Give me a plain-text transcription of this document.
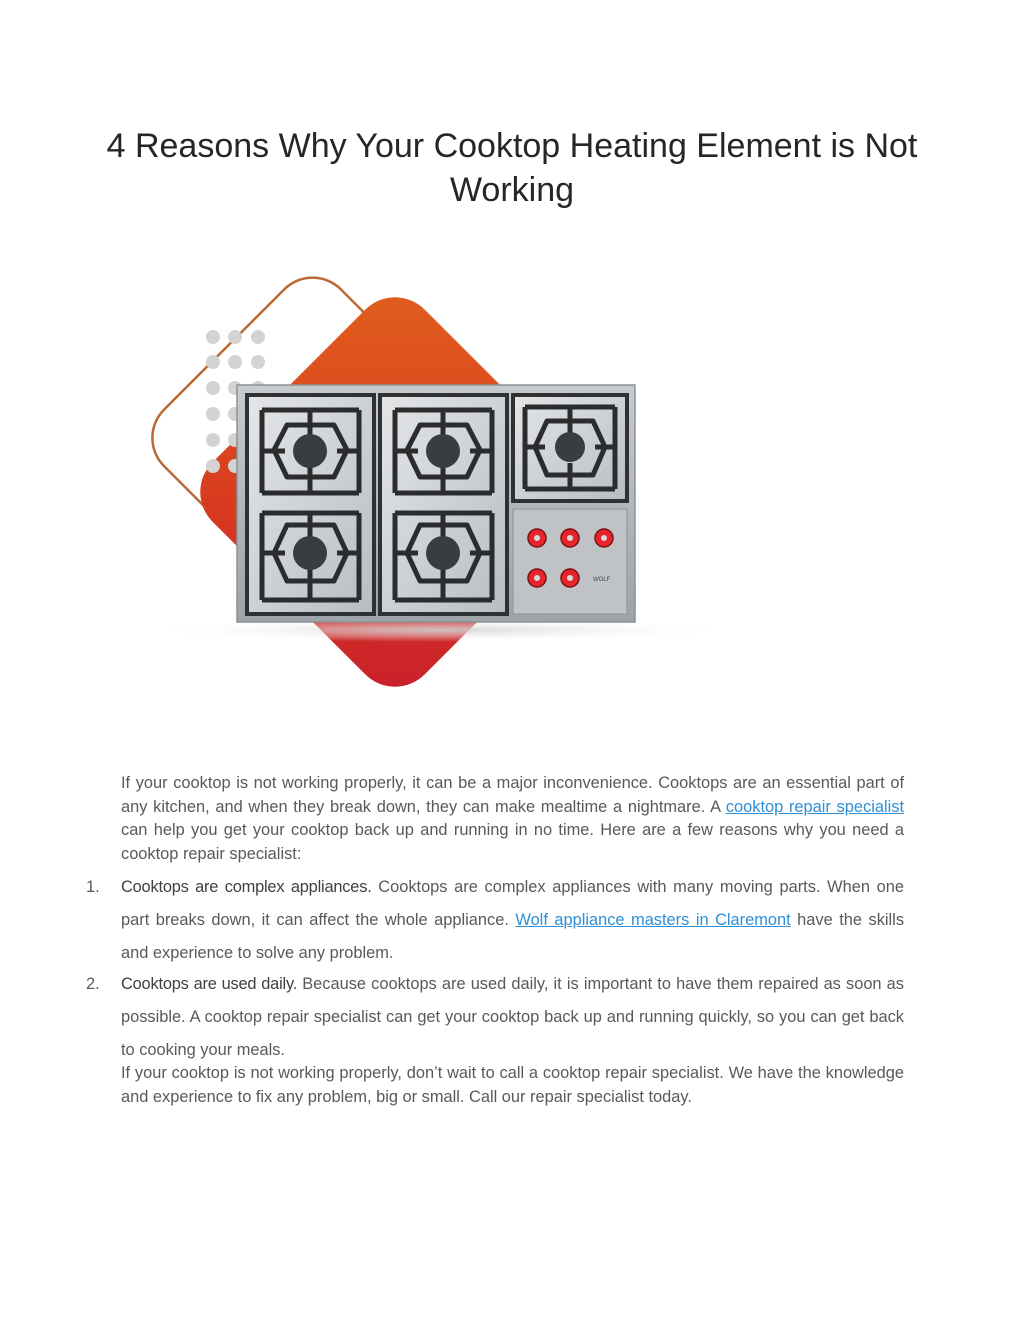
4 Reasons Why Your Cooktop Heating Element is Not Working
WOLF

If your cooktop is not working properly, it can be a major inconvenience. Cooktops are an essential part of any kitchen, and when they break down, they can make mealtime a nightmare. A cooktop repair specialist can help you get your cooktop back up and running in no time. Here are a few reasons why you need a cooktop repair specialist:

1.	Cooktops are complex appliances. Cooktops are complex appliances with many moving parts. When one part breaks down, it can affect the whole appliance. Wolf appliance masters in Claremont have the skills and experience to solve any problem.
2.	Cooktops are used daily. Because cooktops are used daily, it is important to have them repaired as soon as possible. A cooktop repair specialist can get your cooktop back up and running quickly, so you can get back to cooking your meals.

If your cooktop is not working properly, don’t wait to call a cooktop repair specialist. We have the knowledge and experience to fix any problem, big or small. Call our repair specialist today.
